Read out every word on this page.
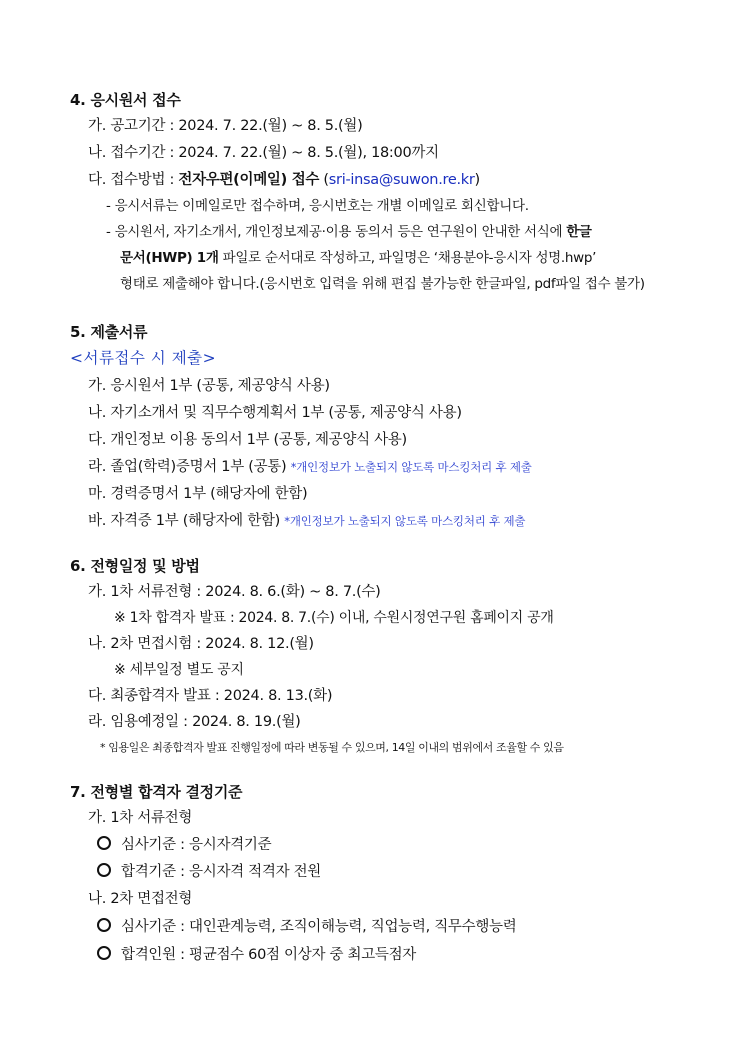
4. 응시원서 접수
가. 공고기간 : 2024. 7. 22.(월) ~ 8. 5.(월)
나. 접수기간 : 2024. 7. 22.(월) ~ 8. 5.(월), 18:00까지
다. 접수방법 : 전자우편(이메일) 접수 (sri-insa@suwon.re.kr)
- 응시서류는 이메일로만 접수하며, 응시번호는 개별 이메일로 회신합니다.
- 응시원서, 자기소개서, 개인정보제공·이용 동의서 등은 연구원이 안내한 서식에 한글
문서(HWP) 1개 파일로 순서대로 작성하고, 파일명은 ‘채용분야-응시자 성명.hwp’
형태로 제출해야 합니다.(응시번호 입력을 위해 편집 불가능한 한글파일, pdf파일 접수 불가)
5. 제출서류
<서류접수 시 제출>
가. 응시원서 1부 (공통, 제공양식 사용)
나. 자기소개서 및 직무수행계획서 1부 (공통, 제공양식 사용)
다. 개인정보 이용 동의서 1부 (공통, 제공양식 사용)
라. 졸업(학력)증명서 1부 (공통) *개인정보가 노출되지 않도록 마스킹처리 후 제출
마. 경력증명서 1부 (해당자에 한함)
바. 자격증 1부 (해당자에 한함) *개인정보가 노출되지 않도록 마스킹처리 후 제출
6. 전형일정 및 방법
가. 1차 서류전형 : 2024. 8. 6.(화) ~ 8. 7.(수)
※ 1차 합격자 발표 : 2024. 8. 7.(수) 이내, 수원시정연구원 홈페이지 공개
나. 2차 면접시험 : 2024. 8. 12.(월)
※ 세부일정 별도 공지
다. 최종합격자 발표 : 2024. 8. 13.(화)
라. 임용예정일 : 2024. 8. 19.(월)
* 임용일은 최종합격자 발표 진행일정에 따라 변동될 수 있으며, 14일 이내의 범위에서 조율할 수 있음
7. 전형별 합격자 결정기준
가. 1차 서류전형
심사기준 : 응시자격기준
합격기준 : 응시자격 적격자 전원
나. 2차 면접전형
심사기준 : 대인관계능력, 조직이해능력, 직업능력, 직무수행능력
합격인원 : 평균점수 60점 이상자 중 최고득점자
